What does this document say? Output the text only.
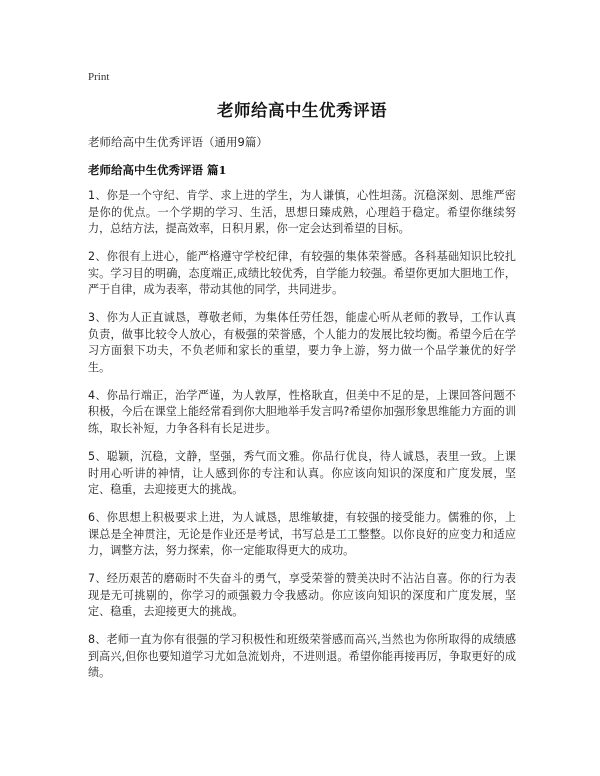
Print
老师给高中生优秀评语
老师给高中生优秀评语（通用9篇）
老师给高中生优秀评语 篇1

1、你是一个守纪、肯学、求上进的学生，为人谦慎，心性坦荡。沉稳深刻、思维严密是你的优点。一个学期的学习、生活，思想日臻成熟，心理趋于稳定。希望你继续努力，总结方法，提高效率，日积月累，你一定会达到希望的目标。

2、你很有上进心，能严格遵守学校纪律，有较强的集体荣誉感。各科基础知识比较扎实。学习目的明确，态度端正,成绩比较优秀，自学能力较强。希望你更加大胆地工作，严于自律，成为表率，带动其他的同学，共同进步。

3、你为人正直诚恳，尊敬老师，为集体任劳任怨，能虚心听从老师的教导，工作认真负责，做事比较令人放心，有极强的荣誉感，个人能力的发展比较均衡。希望今后在学习方面狠下功夫，不负老师和家长的重望，要力争上游，努力做一个品学兼优的好学生。

4、你品行端正，治学严谨，为人敦厚，性格耿直，但美中不足的是，上课回答问题不积极，今后在课堂上能经常看到你大胆地举手发言吗?希望你加强形象思维能力方面的训练，取长补短，力争各科有长足进步。

5、聪颖，沉稳，文静，坚强，秀气而文雅。你品行优良，待人诚恳，表里一致。上课时用心听讲的神情，让人感到你的专注和认真。你应该向知识的深度和广度发展，坚定、稳重，去迎接更大的挑战。

6、你思想上积极要求上进，为人诚恳，思维敏捷，有较强的接受能力。儒雅的你，上课总是全神贯注，无论是作业还是考试，书写总是工工整整。以你良好的应变力和适应力，调整方法，努力探索，你一定能取得更大的成功。

7、经历艰苦的磨砺时不失奋斗的勇气，享受荣誉的赞美决时不沾沾自喜。你的行为表现是无可挑剔的，你学习的顽强毅力令我感动。你应该向知识的深度和广度发展，坚定、稳重，去迎接更大的挑战。

8、老师一直为你有很强的学习积极性和班级荣誉感而高兴,当然也为你所取得的成绩感到高兴,但你也要知道学习尤如急流划舟，不进则退。希望你能再接再厉，争取更好的成绩。
